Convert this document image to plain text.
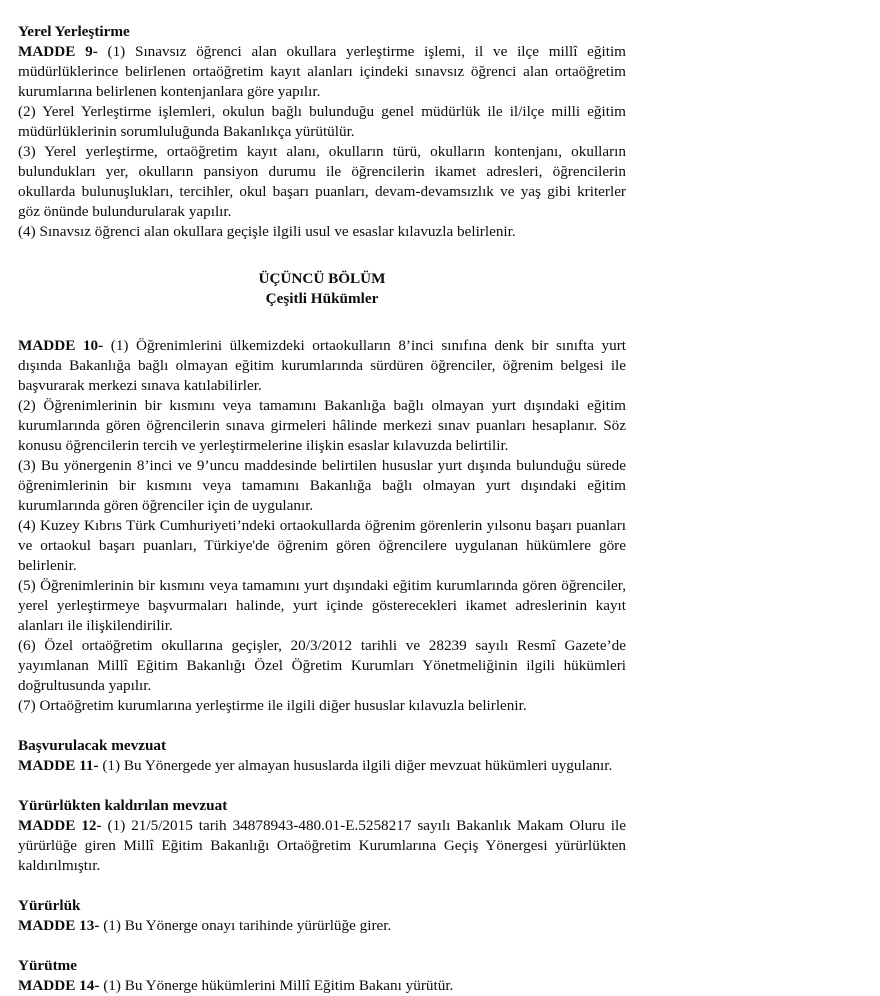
Yerel Yerleştirme

MADDE 9- (1) Sınavsız öğrenci alan okullara yerleştirme işlemi, il ve ilçe millî eğitim müdürlüklerince belirlenen ortaöğretim kayıt alanları içindeki sınavsız öğrenci alan ortaöğretim kurumlarına belirlenen kontenjanlara göre yapılır.

(2) Yerel Yerleştirme işlemleri, okulun bağlı bulunduğu genel müdürlük ile il/ilçe milli eğitim müdürlüklerinin sorumluluğunda Bakanlıkça yürütülür.

(3) Yerel yerleştirme, ortaöğretim kayıt alanı, okulların türü, okulların kontenjanı, okulların bulundukları yer, okulların pansiyon durumu ile öğrencilerin ikamet adresleri, öğrencilerin okullarda bulunuşlukları, tercihler, okul başarı puanları, devam-devamsızlık ve yaş gibi kriterler göz önünde bulundurularak yapılır.

(4) Sınavsız öğrenci alan okullara geçişle ilgili usul ve esaslar kılavuzla belirlenir.

ÜÇÜNCÜ BÖLÜM

Çeşitli Hükümler

MADDE 10- (1) Öğrenimlerini ülkemizdeki ortaokulların 8’inci sınıfına denk bir sınıfta yurt dışında Bakanlığa bağlı olmayan eğitim kurumlarında sürdüren öğrenciler, öğrenim belgesi ile başvurarak merkezi sınava katılabilirler.

(2) Öğrenimlerinin bir kısmını veya tamamını Bakanlığa bağlı olmayan yurt dışındaki eğitim kurumlarında gören öğrencilerin sınava girmeleri hâlinde merkezi sınav puanları hesaplanır. Söz konusu öğrencilerin tercih ve yerleştirmelerine ilişkin esaslar kılavuzda belirtilir.

(3) Bu yönergenin 8’inci ve 9’uncu maddesinde belirtilen hususlar yurt dışında bulunduğu sürede öğrenimlerinin bir kısmını veya tamamını Bakanlığa bağlı olmayan yurt dışındaki eğitim kurumlarında gören öğrenciler için de uygulanır.

(4) Kuzey Kıbrıs Türk Cumhuriyeti’ndeki ortaokullarda öğrenim görenlerin yılsonu başarı puanları ve ortaokul başarı puanları, Türkiye'de öğrenim gören öğrencilere uygulanan hükümlere göre belirlenir.

(5) Öğrenimlerinin bir kısmını veya tamamını yurt dışındaki eğitim kurumlarında gören öğrenciler, yerel yerleştirmeye başvurmaları halinde, yurt içinde gösterecekleri ikamet adreslerinin kayıt alanları ile ilişkilendirilir.

(6) Özel ortaöğretim okullarına geçişler, 20/3/2012 tarihli ve 28239 sayılı Resmî Gazete’de yayımlanan Millî Eğitim Bakanlığı Özel Öğretim Kurumları Yönetmeliğinin ilgili hükümleri doğrultusunda yapılır.

(7) Ortaöğretim kurumlarına yerleştirme ile ilgili diğer hususlar kılavuzla belirlenir.

Başvurulacak mevzuat

MADDE 11- (1) Bu Yönergede yer almayan hususlarda ilgili diğer mevzuat hükümleri uygulanır.

Yürürlükten kaldırılan mevzuat

MADDE 12- (1) 21/5/2015 tarih 34878943-480.01-E.5258217 sayılı Bakanlık Makam Oluru ile yürürlüğe giren Millî Eğitim Bakanlığı Ortaöğretim Kurumlarına Geçiş Yönergesi yürürlükten kaldırılmıştır.

Yürürlük

MADDE 13- (1) Bu Yönerge onayı tarihinde yürürlüğe girer.

Yürütme

MADDE 14- (1) Bu Yönerge hükümlerini Millî Eğitim Bakanı yürütür.
